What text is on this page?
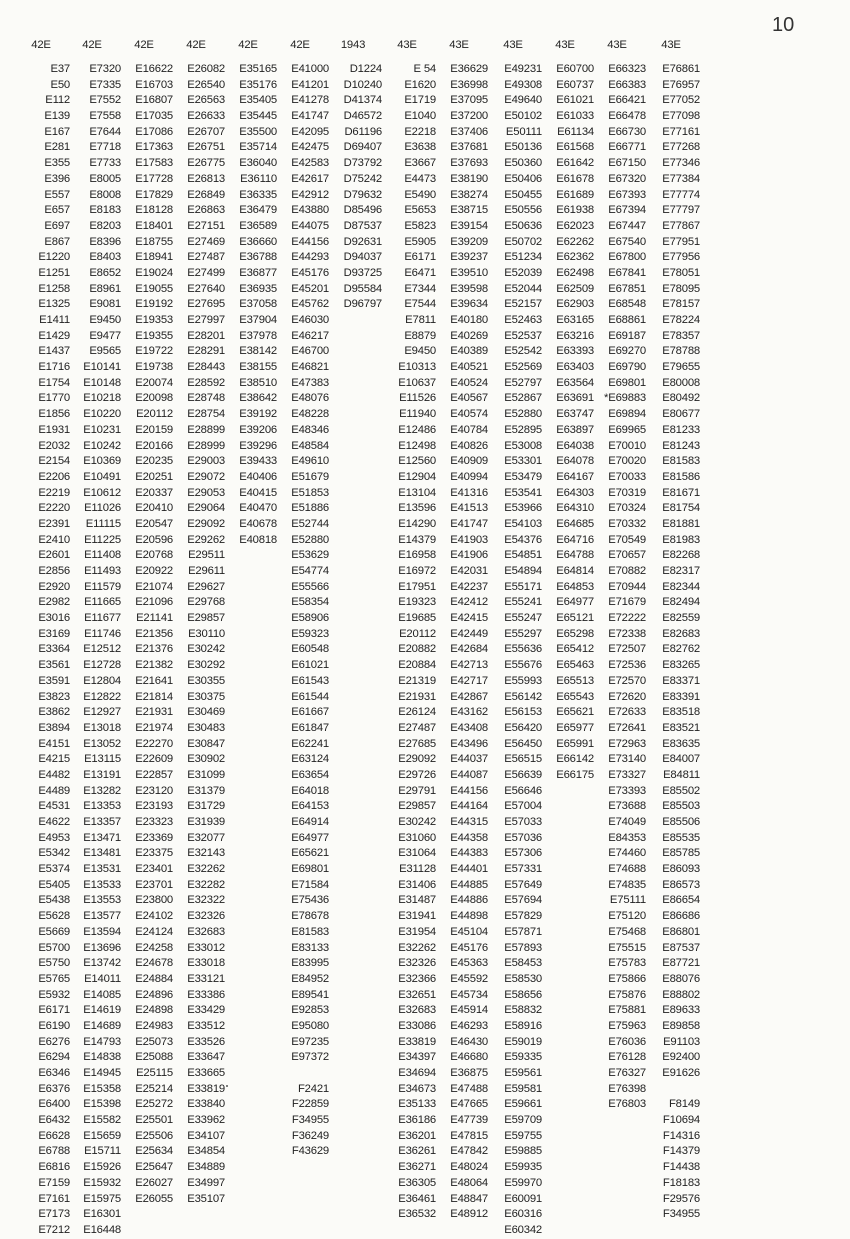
10
42E
E37
E50
E112
E139
E167
E281
E355
E396
E557
E657
E697
E867
E1220
E1251
E1258
E1325
E1411
E1429
E1437
E1716
E1754
E1770
E1856
E1931
E2032
E2154
E2206
E2219
E2220
E2391
E2410
E2601
E2856
E2920
E2982
E3016
E3169
E3364
E3561
E3591
E3823
E3862
E3894
E4151
E4215
E4482
E4489
E4531
E4622
E4953
E5342
E5374
E5405
E5438
E5628
E5669
E5700
E5750
E5765
E5932
E6171
E6190
E6276
E6294
E6346
E6376
E6400
E6432
E6628
E6788
E6816
E7159
E7161
E7173
E7212
42E
E7320
E7335
E7552
E7558
E7644
E7718
E7733
E8005
E8008
E8183
E8203
E8396
E8403
E8652
E8961
E9081
E9450
E9477
E9565
E10141
E10148
E10218
E10220
E10231
E10242
E10369
E10491
E10612
E11026
E11115
E11225
E11408
E11493
E11579
E11665
E11677
E11746
E12512
E12728
E12804
E12822
E12927
E13018
E13052
E13115
E13191
E13282
E13353
E13357
E13471
E13481
E13531
E13533
E13553
E13577
E13594
E13696
E13742
E14011
E14085
E14619
E14689
E14793
E14838
E14945
E15358
E15398
E15582
E15659
E15711
E15926
E15932
E15975
E16301
E16448
42E
E16622
E16703
E16807
E17035
E17086
E17363
E17583
E17728
E17829
E18128
E18401
E18755
E18941
E19024
E19055
E19192
E19353
E19355
E19722
E19738
E20074
E20098
E20112
E20159
E20166
E20235
E20251
E20337
E20410
E20547
E20596
E20768
E20922
E21074
E21096
E21141
E21356
E21376
E21382
E21641
E21814
E21931
E21974
E22270
E22609
E22857
E23120
E23193
E23323
E23369
E23375
E23401
E23701
E23800
E24102
E24124
E24258
E24678
E24884
E24896
E24898
E24983
E25073
E25088
E25115
E25214
E25272
E25501
E25506
E25634
E25647
E26027
E26055
42E
E26082
E26540
E26563
E26633
E26707
E26751
E26775
E26813
E26849
E26863
E27151
E27469
E27487
E27499
E27640
E27695
E27997
E28201
E28291
E28443
E28592
E28748
E28754
E28899
E28999
E29003
E29072
E29053
E29064
E29092
E29262
E29511
E29611
E29627
E29768
E29857
E30110
E30242
E30292
E30355
E30375
E30469
E30483
E30847
E30902
E31099
E31379
E31729
E31939
E32077
E32143
E32262
E32282
E32322
E32326
E32683
E33012
E33018
E33121
E33386
E33429
E33512
E33526
E33647
E33665
E33819
E33840
E33962
E34107
E34854
E34889
E34997
E35107
42E
E35165
E35176
E35405
E35445
E35500
E35714
E36040
E36110
E36335
E36479
E36589
E36660
E36788
E36877
E36935
E37058
E37904
E37978
E38142
E38155
E38510
E38642
E39192
E39206
E39296
E39433
E40406
E40415
E40470
E40678
E40818
42E
E41000
E41201
E41278
E41747
E42095
E42475
E42583
E42617
E42912
E43880
E44075
E44156
E44293
E45176
E45201
E45762
E46030
E46217
E46700
E46821
E47383
E48076
E48228
E48346
E48584
E49610
E51679
E51853
E51886
E52744
E52880
E53629
E54774
E55566
E58354
E58906
E59323
E60548
E61021
E61543
E61544
E61667
E61847
E62241
E63124
E63654
E64018
E64153
E64914
E64977
E65621
E69801
E71584
E75436
E78678
E81583
E83133
E83995
E84952
E89541
E92853
E95080
E97235
E97372
F2421
F22859
F34955
F36249
F43629
1943
D1224
D10240
D41374
D46572
D61196
D69407
D73792
D75242
D79632
D85496
D87537
D92631
D94037
D93725
D95584
D96797
43E
E 54
E1620
E1719
E1040
E2218
E3638
E3667
E4473
E5490
E5653
E5823
E5905
E6171
E6471
E7344
E7544
E7811
E8879
E9450
E10313
E10637
E11526
E11940
E12486
E12498
E12560
E12904
E13104
E13596
E14290
E14379
E16958
E16972
E17951
E19323
E19685
E20112
E20882
E20884
E21319
E21931
E26124
E27487
E27685
E29092
E29726
E29791
E29857
E30242
E31060
E31064
E31128
E31406
E31487
E31941
E31954
E32262
E32326
E32366
E32651
E32683
E33086
E33819
E34397
E34694
E34673
E35133
E36186
E36201
E36261
E36271
E36305
E36461
E36532
43E
E36629
E36998
E37095
E37200
E37406
E37681
E37693
E38190
E38274
E38715
E39154
E39209
E39237
E39510
E39598
E39634
E40180
E40269
E40389
E40521
E40524
E40567
E40574
E40784
E40826
E40909
E40994
E41316
E41513
E41747
E41903
E41906
E42031
E42237
E42412
E42415
E42449
E42684
E42713
E42717
E42867
E43162
E43408
E43496
E44037
E44087
E44156
E44164
E44315
E44358
E44383
E44401
E44885
E44886
E44898
E45104
E45176
E45363
E45592
E45734
E45914
E46293
E46430
E46680
E36875
E47488
E47665
E47739
E47815
E47842
E48024
E48064
E48847
E48912
43E
E49231
E49308
E49640
E50102
E50111
E50136
E50360
E50406
E50455
E50556
E50636
E50702
E51234
E52039
E52044
E52157
E52463
E52537
E52542
E52569
E52797
E52867
E52880
E52895
E53008
E53301
E53479
E53541
E53966
E54103
E54376
E54851
E54894
E55171
E55241
E55247
E55297
E55636
E55676
E55993
E56142
E56153
E56420
E56450
E56515
E56639
E56646
E57004
E57033
E57036
E57306
E57331
E57649
E57694
E57829
E57871
E57893
E58453
E58530
E58656
E58832
E58916
E59019
E59335
E59561
E59581
E59661
E59709
E59755
E59885
E59935
E59970
E60091
E60316
E60342
43E
E60700
E60737
E61021
E61033
E61134
E61568
E61642
E61678
E61689
E61938
E62023
E62262
E62362
E62498
E62509
E62903
E63165
E63216
E63393
E63403
E63564
E63691
E63747
E63897
E64038
E64078
E64167
E64303
E64310
E64685
E64716
E64788
E64814
E64853
E64977
E65121
E65298
E65412
E65463
E65513
E65543
E65621
E65977
E65991
E66142
E66175
43E
E66323
E66383
E66421
E66478
E66730
E66771
E67150
E67320
E67393
E67394
E67447
E67540
E67800
E67841
E67851
E68548
E68861
E69187
E69270
E69790
E69801
*E69883
E69894
E69965
E70010
E70020
E70033
E70319
E70324
E70332
E70549
E70657
E70882
E70944
E71679
E72222
E72338
E72507
E72536
E72570
E72620
E72633
E72641
E72963
E73140
E73327
E73393
E73688
E74049
E84353
E74460
E74688
E74835
E75111
E75120
E75468
E75515
E75783
E75866
E75876
E75881
E75963
E76036
E76128
E76327
E76398
E76803
43E
E76861
E76957
E77052
E77098
E77161
E77268
E77346
E77384
E77774
E77797
E77867
E77951
E77956
E78051
E78095
E78157
E78224
E78357
E78788
E79655
E80008
E80492
E80677
E81233
E81243
E81583
E81586
E81671
E81754
E81881
E81983
E82268
E82317
E82344
E82494
E82559
E82683
E82762
E83265
E83371
E83391
E83518
E83521
E83635
E84007
E84811
E85502
E85503
E85506
E85535
E85785
E86093
E86573
E86654
E86686
E86801
E87537
E87721
E88076
E88802
E89633
E89858
E91103
E92400
E91626
F8149
F10694
F14316
F14379
F14438
F18183
F29576
F34955
